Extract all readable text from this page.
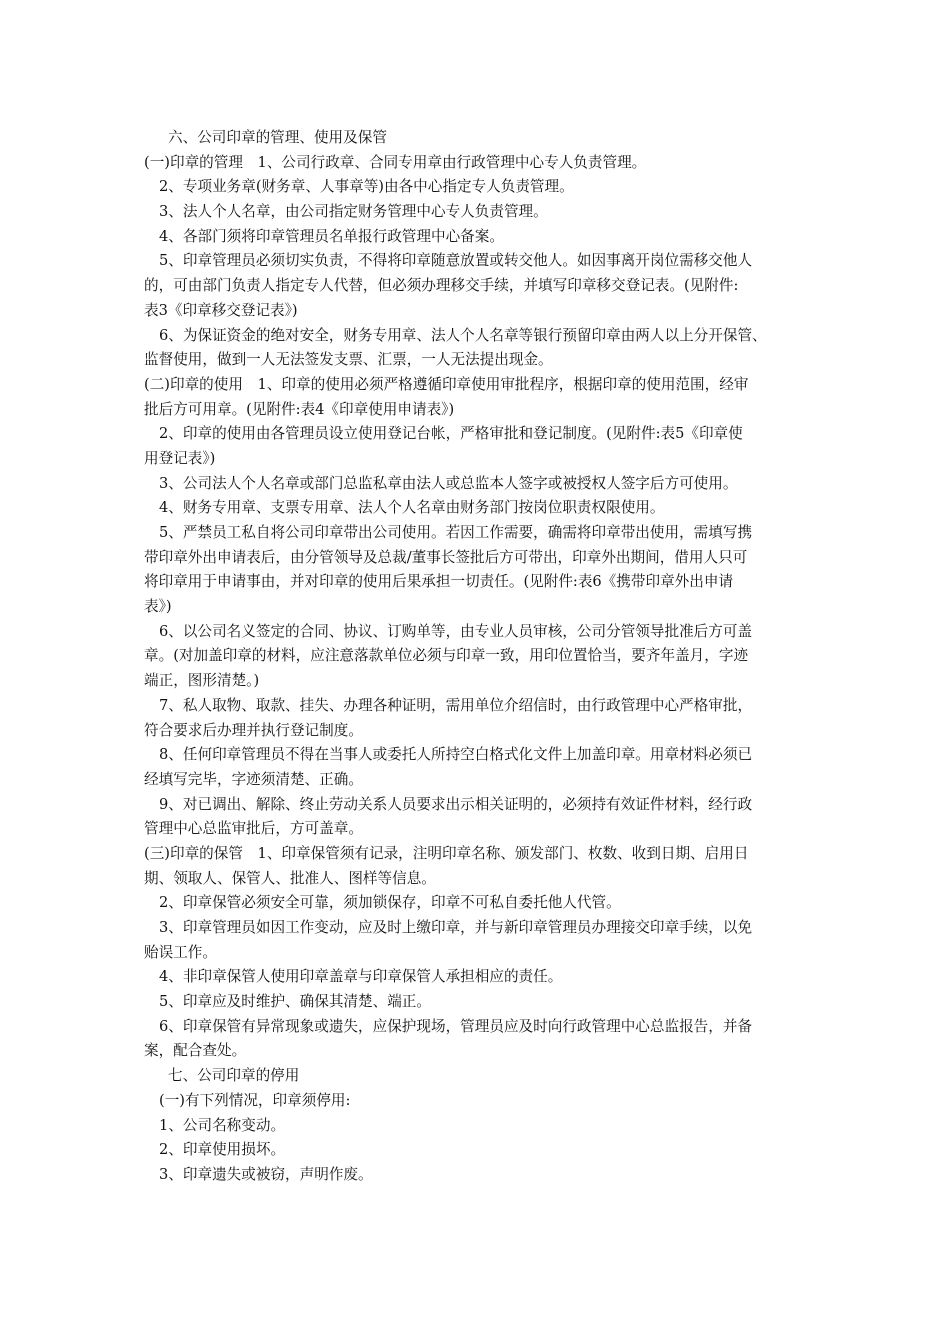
六、公司印章的管理、使用及保管
(一)印章的管理　1、公司行政章、合同专用章由行政管理中心专人负责管理。
2、专项业务章(财务章、人事章等)由各中心指定专人负责管理。
3、法人个人名章，由公司指定财务管理中心专人负责管理。
4、各部门须将印章管理员名单报行政管理中心备案。
5、印章管理员必须切实负责，不得将印章随意放置或转交他人。如因事离开岗位需移交他人
的，可由部门负责人指定专人代替，但必须办理移交手续，并填写印章移交登记表。(见附件:
表3《印章移交登记表》)
6、为保证资金的绝对安全，财务专用章、法人个人名章等银行预留印章由两人以上分开保管、
监督使用，做到一人无法签发支票、汇票，一人无法提出现金。
(二)印章的使用　1、印章的使用必须严格遵循印章使用审批程序，根据印章的使用范围，经审
批后方可用章。(见附件:表4《印章使用申请表》)
2、印章的使用由各管理员设立使用登记台帐，严格审批和登记制度。(见附件:表5《印章使
用登记表》)
3、公司法人个人名章或部门总监私章由法人或总监本人签字或被授权人签字后方可使用。
4、财务专用章、支票专用章、法人个人名章由财务部门按岗位职责权限使用。
5、严禁员工私自将公司印章带出公司使用。若因工作需要，确需将印章带出使用，需填写携
带印章外出申请表后，由分管领导及总裁/董事长签批后方可带出，印章外出期间，借用人只可
将印章用于申请事由，并对印章的使用后果承担一切责任。(见附件:表6《携带印章外出申请
表》)
6、以公司名义签定的合同、协议、订购单等，由专业人员审核，公司分管领导批准后方可盖
章。(对加盖印章的材料，应注意落款单位必须与印章一致，用印位置恰当，要齐年盖月，字迹
端正，图形清楚。)
7、私人取物、取款、挂失、办理各种证明，需用单位介绍信时，由行政管理中心严格审批，
符合要求后办理并执行登记制度。
8、任何印章管理员不得在当事人或委托人所持空白格式化文件上加盖印章。用章材料必须已
经填写完毕，字迹须清楚、正确。
9、对已调出、解除、终止劳动关系人员要求出示相关证明的，必须持有效证件材料，经行政
管理中心总监审批后，方可盖章。
(三)印章的保管　1、印章保管须有记录，注明印章名称、颁发部门、枚数、收到日期、启用日
期、领取人、保管人、批准人、图样等信息。
2、印章保管必须安全可靠，须加锁保存，印章不可私自委托他人代管。
3、印章管理员如因工作变动，应及时上缴印章，并与新印章管理员办理接交印章手续，以免
贻误工作。
4、非印章保管人使用印章盖章与印章保管人承担相应的责任。
5、印章应及时维护、确保其清楚、端正。
6、印章保管有异常现象或遗失，应保护现场，管理员应及时向行政管理中心总监报告，并备
案，配合查处。
七、公司印章的停用
(一)有下列情况，印章须停用:
1、公司名称变动。
2、印章使用损坏。
3、印章遗失或被窃，声明作废。
